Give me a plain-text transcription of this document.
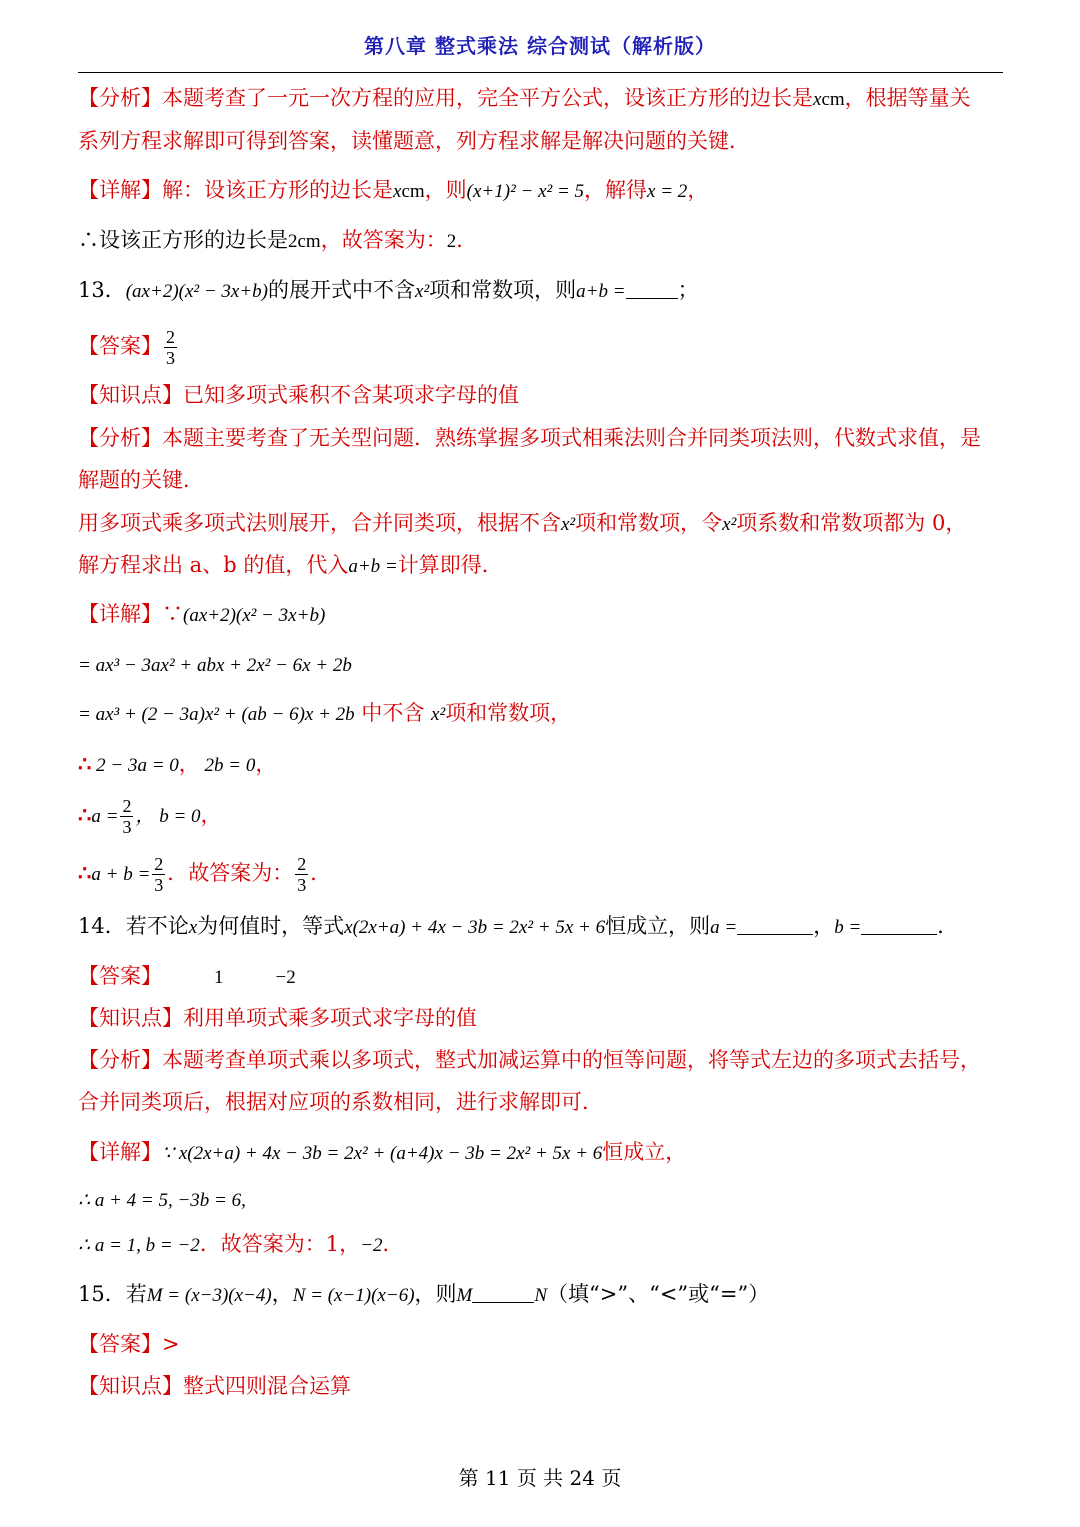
第八章 整式乘法 综合测试（解析版）
【分析】本题考查了一元一次方程的应用，完全平方公式，设该正方形的边长是xcm，根据等量关
系列方程求解即可得到答案，读懂题意，列方程求解是解决问题的关键．
【详解】解：设该正方形的边长是xcm，则(x+1)² − x² = 5，解得x = 2，
∴设该正方形的边长是2cm，故答案为：2．
13．(ax+2)(x² − 3x+b)的展开式中不含x²项和常数项，则a+b = ；
【答案】 $\frac{2}{3}$
【知识点】已知多项式乘积不含某项求字母的值
【分析】本题主要考查了无关型问题．熟练掌握多项式相乘法则合并同类项法则，代数式求值，是
解题的关键．
用多项式乘多项式法则展开，合并同类项，根据不含x²项和常数项，令x²项系数和常数项都为 0，
解方程求出 a、b 的值，代入a+b =计算即得．
【详解】∵(ax+2)(x² − 3x+b)
= ax³ − 3ax² + abx + 2x² − 6x + 2b
= ax³ + (2 − 3a)x² + (ab − 6)x + 2b 中不含 x²项和常数项，
∴ 2 − 3a = 0， 2b = 0，
∴a = $\frac{2}{3}$ ， b = 0，
∴a + $b = \frac{2}{3}$ ．故答案为： $\frac{2}{3}$ ．
14．若不论x为何值时，等式x(2x+a) + 4x − 3b = 2x² + 5x + 6恒成立，则a =	，b =	．
【答案】	1	−2
【知识点】利用单项式乘多项式求字母的值
【分析】本题考查单项式乘以多项式，整式加减运算中的恒等问题，将等式左边的多项式去括号，
合并同类项后，根据对应项的系数相同，进行求解即可．
【详解】∵ x(2x+a) + 4x − 3b = 2x² + (a+4)x − 3b = 2x² + 5x + 6恒成立，
∴ a + 4 = 5, −3b = 6,
∴ a = 1, b = −2．故答案为：1，−2．
15．若M = (x−3)(x−4)，N = (x−1)(x−6)，则M	N（填“>”、“<”或“=”）
【答案】>
【知识点】整式四则混合运算
第 11 页 共 24 页
